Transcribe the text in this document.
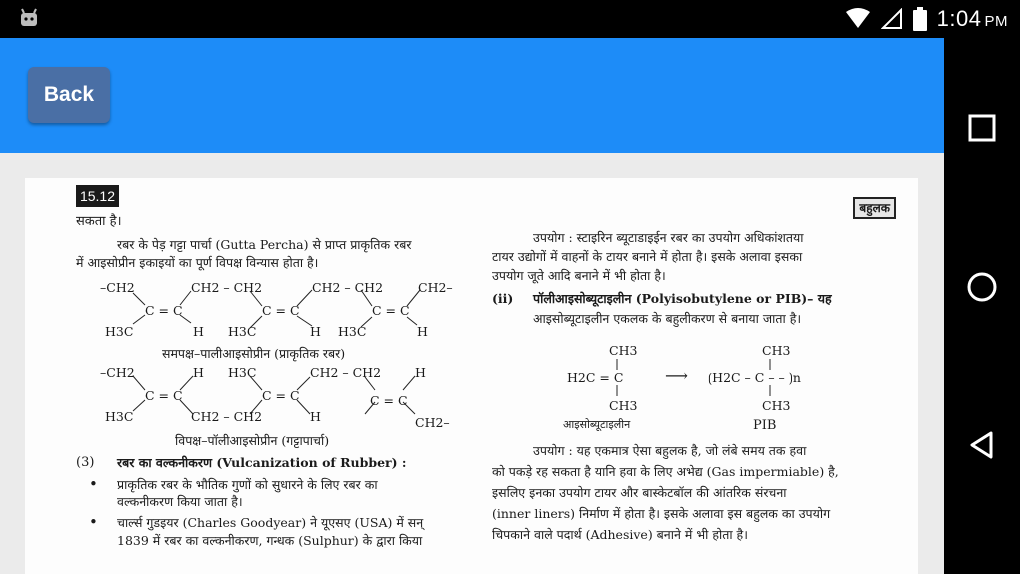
1:04 PM
Back
15.12
बहुलक
सकता है।
रबर के पेड़ गट्टा पार्चा (Gutta Percha) से प्राप्त प्राकृतिक रबर
में आइसोप्रीन इकाइयों का पूर्ण विपक्ष विन्यास होता है।
–CH2	CH2 – CH2	CH2 – CH2	CH2–
C = C	C = C	C = C
H3C	H H3C	H H3C	H
समपक्ष–पालीआइसोप्रीन (प्राकृतिक रबर)
–CH2	H H3C	CH2 – CH2	H
C = C	C = C	C = C
H3C	CH2 – CH2	H	CH2–
विपक्ष–पॉलीआइसोप्रीन (गट्टापार्चा)
(3) रबर का वल्कनीकरण (Vulcanization of Rubber) :
• प्राकृतिक रबर के भौतिक गुणों को सुधारने के लिए रबर का
वल्कनीकरण किया जाता है।
• चार्ल्स गुडइयर (Charles Goodyear) ने यूएसए (USA) में सन्
1839 में रबर का वल्कनीकरण, गन्धक (Sulphur) के द्वारा किया
उपयोग : स्टाइरिन ब्यूटाडाइईन रबर का उपयोग अधिकांशतया
टायर उद्योगों में वाहनों के टायर बनाने में होता है। इसके अलावा इसका
उपयोग जूते आदि बनाने में भी होता है।
(ii) पॉलीआइसोब्यूटाइलीन (Polyisobutylene or PIB)– यह
आइसोब्यूटाइलीन एकलक के बहुलीकरण से बनाया जाता है।
CH3
H2C = C
CH3
⟶
CH3
⟮H2C – C – – ⟯n
CH3
आइसोब्यूटाइलीन	PIB
उपयोग : यह एकमात्र ऐसा बहुलक है, जो लंबे समय तक हवा
को पकड़े रह सकता है यानि हवा के लिए अभेद्य (Gas impermiable) है,
इसलिए इनका उपयोग टायर और बास्केटबॉल की आंतरिक संरचना
(inner liners) निर्माण में होता है। इसके अलावा इस बहुलक का उपयोग
चिपकाने वाले पदार्थ (Adhesive) बनाने में भी होता है।
